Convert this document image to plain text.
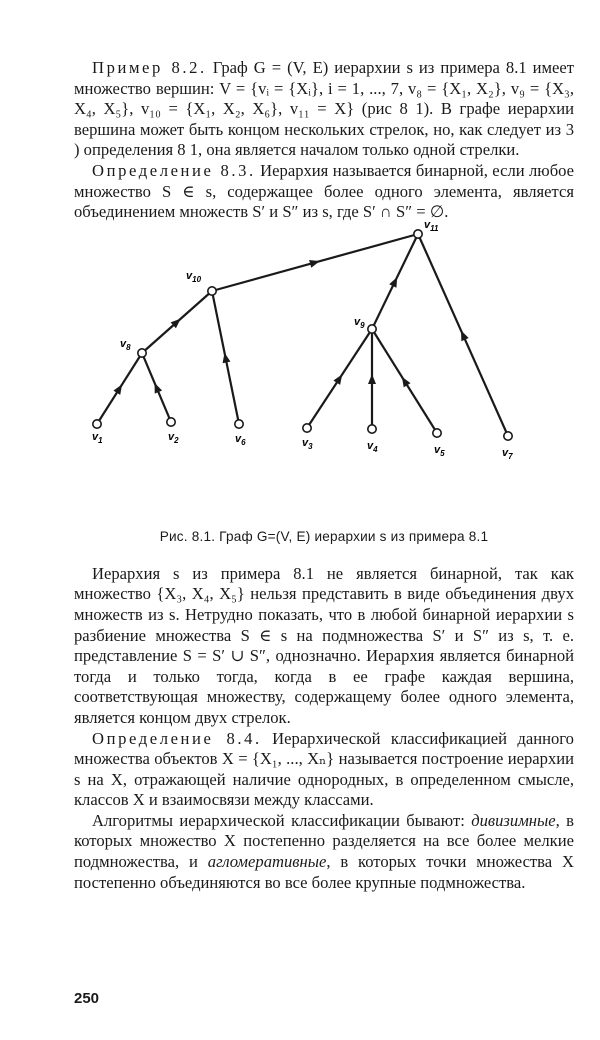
Пример 8.2. Граф G = (V, E) иерархии s из примера 8.1 имеет множество вершин: V = {vᵢ = {Xᵢ}, i = 1, ..., 7, v₈ = {X₁, X₂}, v₉ = {X₃, X₄, X₅}, v₁₀ = {X₁, X₂, X₆}, v₁₁ = X} (рис 8 1). В графе иерархии вершина может быть концом нескольких стрелок, но, как следует из 3 ) определения 8 1, она является началом только одной стрелки.

Определение 8.3. Иерархия называется бинарной, если любое множество S ∈ s, содержащее более одного элемента, является объединением множеств S′ и S″ из s, где S′ ∩ S″ = ∅.

$v_1$	$v_2$	$v_6$	$v_3$	$v_4$	$v_5$	$v_7$
$v_8$
$v_9$
$v_{10}$
$v_{11}$
Рис. 8.1. Граф G=(V, E) иерархии s из примера 8.1

Иерархия s из примера 8.1 не является бинарной, так как множество {X₃, X₄, X₅} нельзя представить в виде объединения двух множеств из s. Нетрудно показать, что в любой бинарной иерархии s разбиение множества S ∈ s на подмножества S′ и S″ из s, т. е. представление S = S′ ∪ S″, однозначно. Иерархия является бинарной тогда и только тогда, когда в ее графе каждая вершина, соответствующая множеству, содержащему более одного элемента, является концом двух стрелок.

Определение 8.4. Иерархической классификацией данного множества объектов X = {X₁, ..., Xₙ} называется построение иерархии s на X, отражающей наличие однородных, в определенном смысле, классов X и взаимосвязи между классами.

Алгоритмы иерархической классификации бывают: дивизимные, в которых множество X постепенно разделяется на все более мелкие подмножества, и агломеративные, в которых точки множества X постепенно объединяются во все более крупные подмножества.

250
